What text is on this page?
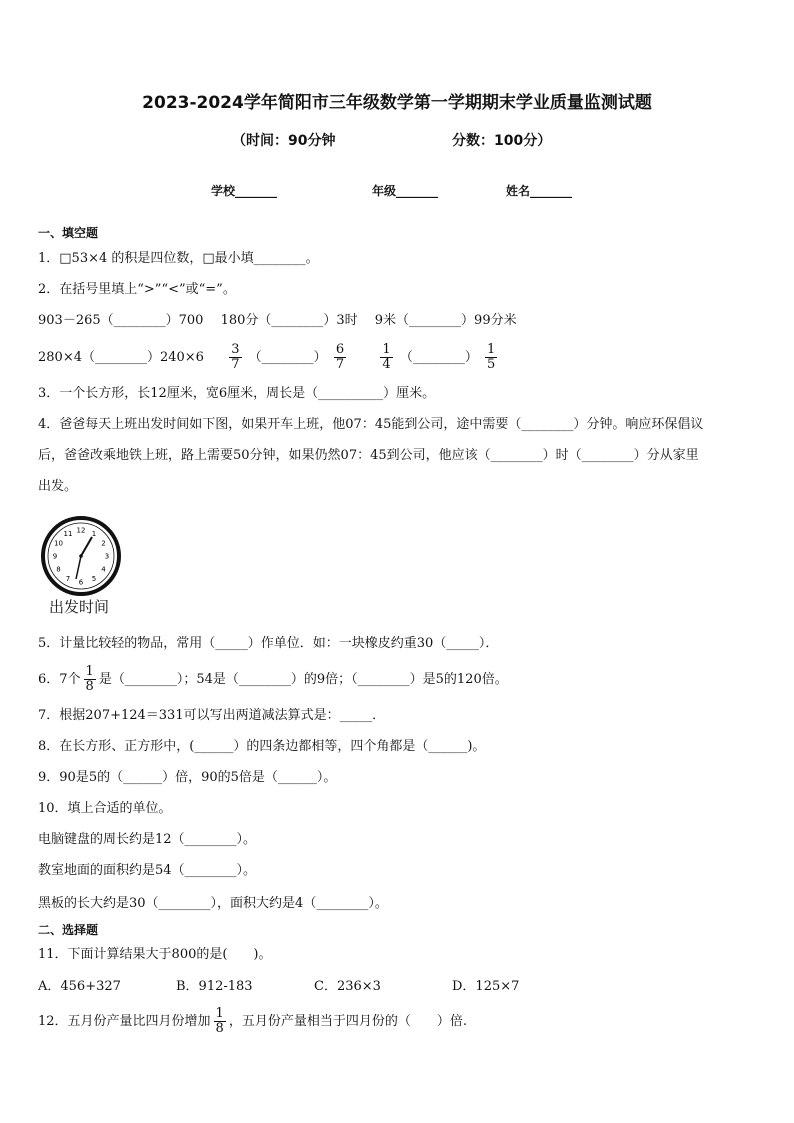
2023-2024学年简阳市三年级数学第一学期期末学业质量监测试题
（时间：90分钟	分数：100分）
学校_______	年级_______	姓名_______
一、填空题
1．□53×4 的积是四位数，□最小填________。
2．在括号里填上“>”“<”或“=”。
903－265（________）700　 180分（________）3时　 9米（________）99分米
280×4（________）240×6 $\frac{3}{7}$ （________） $\frac{6}{7}$
	$\frac{1}{4}$ （________） $\frac{1}{5}$
3．一个长方形，长12厘米，宽6厘米，周长是（__________）厘米。
4．爸爸每天上班出发时间如下图，如果开车上班，他07：45能到公司，途中需要（________）分钟。响应环保倡议
后，爸爸改乘地铁上班，路上需要50分钟，如果仍然07：45到公司，他应该（________）时（________）分从家里
出发。
12 1
2
3
4
5
6
7
8
9
10
11
出发时间
5．计量比较轻的物品，常用（_____）作单位．如：一块橡皮约重30（_____）．
6．7个 $\frac{1}{8}$ 是（________）；54是（________）的9倍；（________）是5的120倍。
7．根据207+124＝331可以写出两道减法算式是：_____．
8．在长方形、正方形中，(______）的四条边都相等，四个角都是（______)。
9．90是5的（______）倍，90的5倍是（______）。
10．填上合适的单位。
电脑键盘的周长约是12（________）。
教室地面的面积约是54（________）。
黑板的长大约是30（________），面积大约是4（________）。
二、选择题
11．下面计算结果大于800的是(　　)。
A．456+327	B．912-183	C．236×3	D．125×7
12．五月份产量比四月份增加 $\frac{1}{8}$ ，五月份产量相当于四月份的（　　）倍.
